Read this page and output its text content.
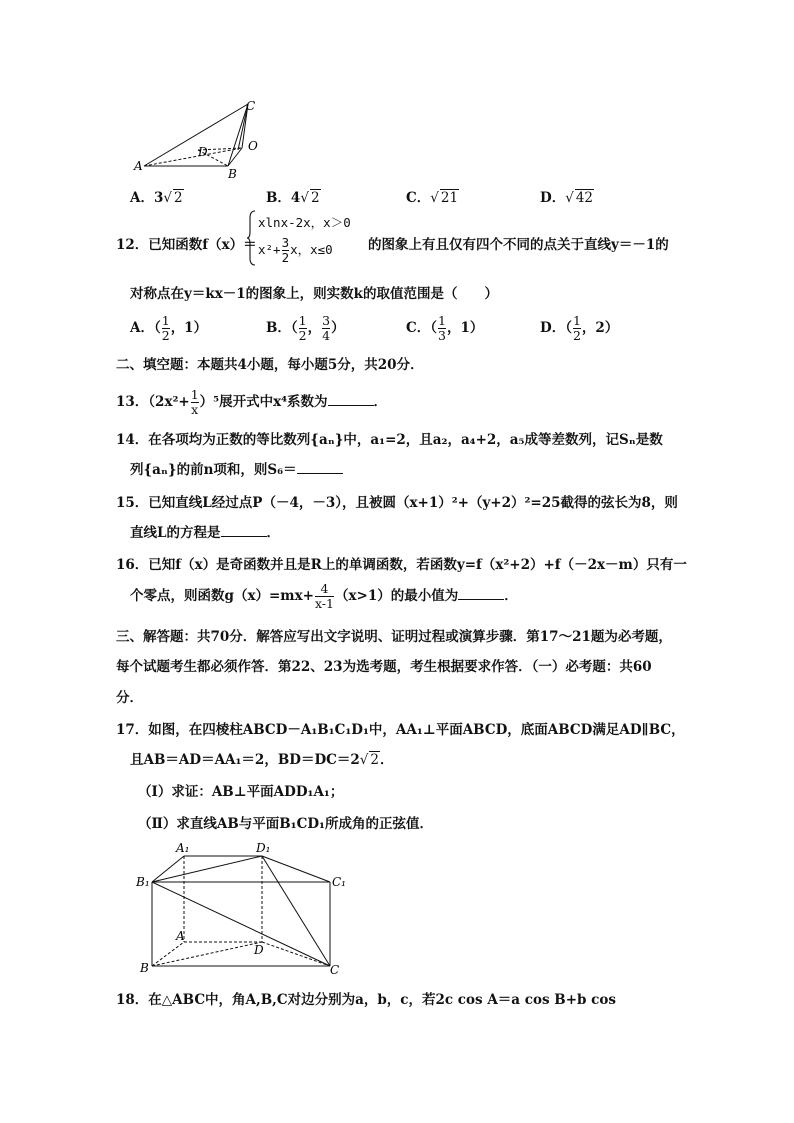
C
A
B
D	O
A．3√ 2	B．4√ 2	C．√ 21	D．√ 42
12．已知函数f（x）＝
xlnx-2x，x＞0
$x^2+ \frac{3}{2}$ x，x≤0	的图象上有且仅有四个不同的点关于直线y＝－1的
对称点在y＝kx－1的图象上，则实数k的取值范围是（　　）
A．（ $\frac{1}{2}$ ，1）	B．（ $\frac{1}{2}$ ， $\frac{3}{4}$ ）	C．（ $\frac{1}{3}$ ，1）	D．（ $\frac{1}{2}$ ，2）
二、填空题：本题共4小题，每小题5分，共20分．
13．$(2x^2+ \frac{1}{x} )^5$展开式中x⁴系数为	．
14．在各项均为正数的等比数列{aₙ}中，a₁=2，且a₂，a₄+2，a₅成等差数列，记Sₙ是数
列{aₙ}的前n项和，则S₆＝
15．已知直线L经过点P（－4，－3），且被圆（x+1）²+（y+2）²=25截得的弦长为8，则
直线L的方程是	．
16．已知f（x）是奇函数并且是R上的单调函数，若函数y=f（x²+2）+f（－2x－m）只有一
个零点，则函数$g(x)=mx+ \frac{4}{x-1} (x>1)$的最小值为	．
三、解答题：共70分．解答应写出文字说明、证明过程或演算步骤．第17～21题为必考题，
每个试题考生都必须作答．第22、23为选考题，考生根据要求作答．（一）必考题：共60
分．
17．如图，在四棱柱ABCD－A₁B₁C₁D₁中，AA₁⊥平面ABCD，底面ABCD满足AD∥BC，
且AB＝AD＝AA₁＝2，BD＝DC＝2√ 2．
（Ⅰ）求证：AB⊥平面ADD₁A₁；
（Ⅱ）求直线AB与平面B₁CD₁所成角的正弦值．
A₁	D₁
B₁	C₁
A
D
B	C
18．在△ABC中，角A,B,C对边分别为a，b，c，若2c cos A＝a cos B+b cos
